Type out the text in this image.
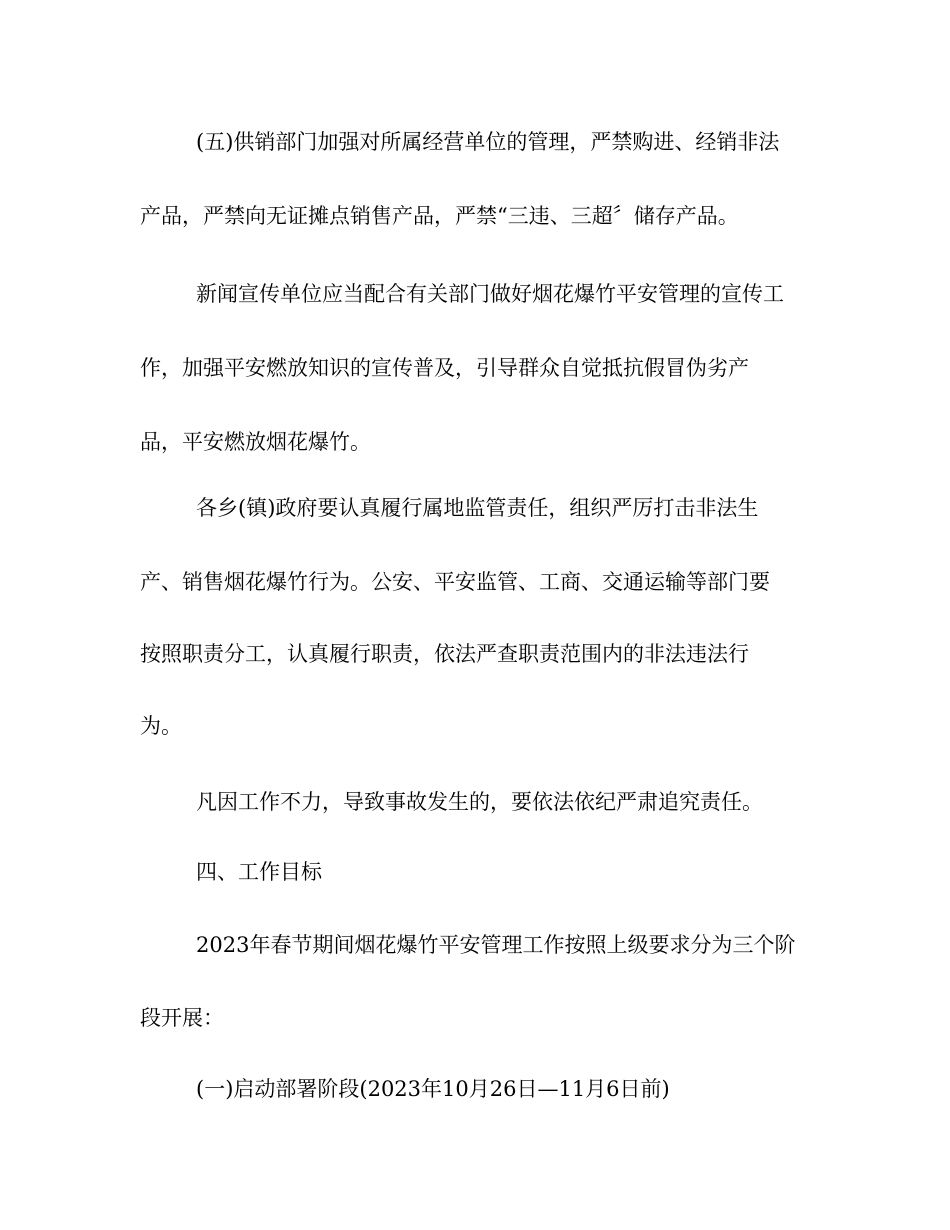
(五)供销部门加强对所属经营单位的管理，严禁购进、经销非法
产品，严禁向无证摊点销售产品，严禁“三违、三超〞储存产品。
新闻宣传单位应当配合有关部门做好烟花爆竹平安管理的宣传工
作，加强平安燃放知识的宣传普及，引导群众自觉抵抗假冒伪劣产
品，平安燃放烟花爆竹。
各乡(镇)政府要认真履行属地监管责任，组织严厉打击非法生
产、销售烟花爆竹行为。公安、平安监管、工商、交通运输等部门要
按照职责分工，认真履行职责，依法严查职责范围内的非法违法行
为。
凡因工作不力，导致事故发生的，要依法依纪严肃追究责任。
四、工作目标
2023年春节期间烟花爆竹平安管理工作按照上级要求分为三个阶
段开展：
(一)启动部署阶段(2023年10月26日—11月6日前)
